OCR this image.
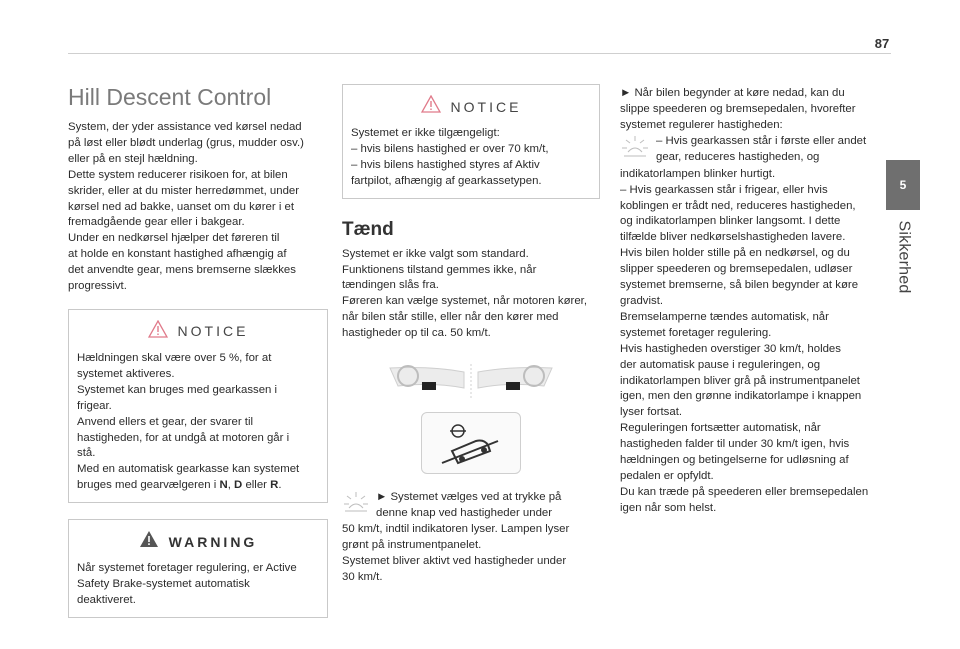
87
5
Sikkerhed
Hill Descent Control

System, der yder assistance ved kørsel nedad

på løst eller blødt underlag (grus, mudder osv.)

eller på en stejl hældning.

Dette system reducerer risikoen for, at bilen

skrider, eller at du mister herredømmet, under

kørsel ned ad bakke, uanset om du kører i et

fremadgående gear eller i bakgear.

Under en nedkørsel hjælper det føreren til

at holde en konstant hastighed afhængig af

det anvendte gear, mens bremserne slækkes

progressivt.

NOTICE

Hældningen skal være over 5 %, for at

systemet aktiveres.

Systemet kan bruges med gearkassen i

frigear.

Anvend ellers et gear, der svarer til

hastigheden, for at undgå at motoren går i

stå.

Med en automatisk gearkasse kan systemet

bruges med gearvælgeren i N, D eller R.

WARNING

Når systemet foretager regulering, er Active

Safety Brake-systemet automatisk

deaktiveret.

NOTICE

Systemet er ikke tilgængeligt:

– hvis bilens hastighed er over 70 km/t,

– hvis bilens hastighed styres af Aktiv

fartpilot, afhængig af gearkassetypen.

Tænd

Systemet er ikke valgt som standard.

Funktionens tilstand gemmes ikke, når

tændingen slås fra.

Føreren kan vælge systemet, når motoren kører,

når bilen står stille, eller når den kører med

hastigheder op til ca. 50 km/t.

► Systemet vælges ved at trykke på

denne knap ved hastigheder under

50 km/t, indtil indikatoren lyser. Lampen lyser

grønt på instrumentpanelet.

Systemet bliver aktivt ved hastigheder under

30 km/t.

► Når bilen begynder at køre nedad, kan du

slippe speederen og bremsepedalen, hvorefter

systemet regulerer hastigheden:

– Hvis gearkassen står i første eller andet

gear, reduceres hastigheden, og

indikatorlampen blinker hurtigt.

– Hvis gearkassen står i frigear, eller hvis

koblingen er trådt ned, reduceres hastigheden,

og indikatorlampen blinker langsomt. I dette

tilfælde bliver nedkørselshastigheden lavere.

Hvis bilen holder stille på en nedkørsel, og du

slipper speederen og bremsepedalen, udløser

systemet bremserne, så bilen begynder at køre

gradvist.

Bremselamperne tændes automatisk, når

systemet foretager regulering.

Hvis hastigheden overstiger 30 km/t, holdes

der automatisk pause i reguleringen, og

indikatorlampen bliver grå på instrumentpanelet

igen, men den grønne indikatorlampe i knappen

lyser fortsat.

Reguleringen fortsætter automatisk, når

hastigheden falder til under 30 km/t igen, hvis

hældningen og betingelserne for udløsning af

pedalen er opfyldt.

Du kan træde på speederen eller bremsepedalen

igen når som helst.
